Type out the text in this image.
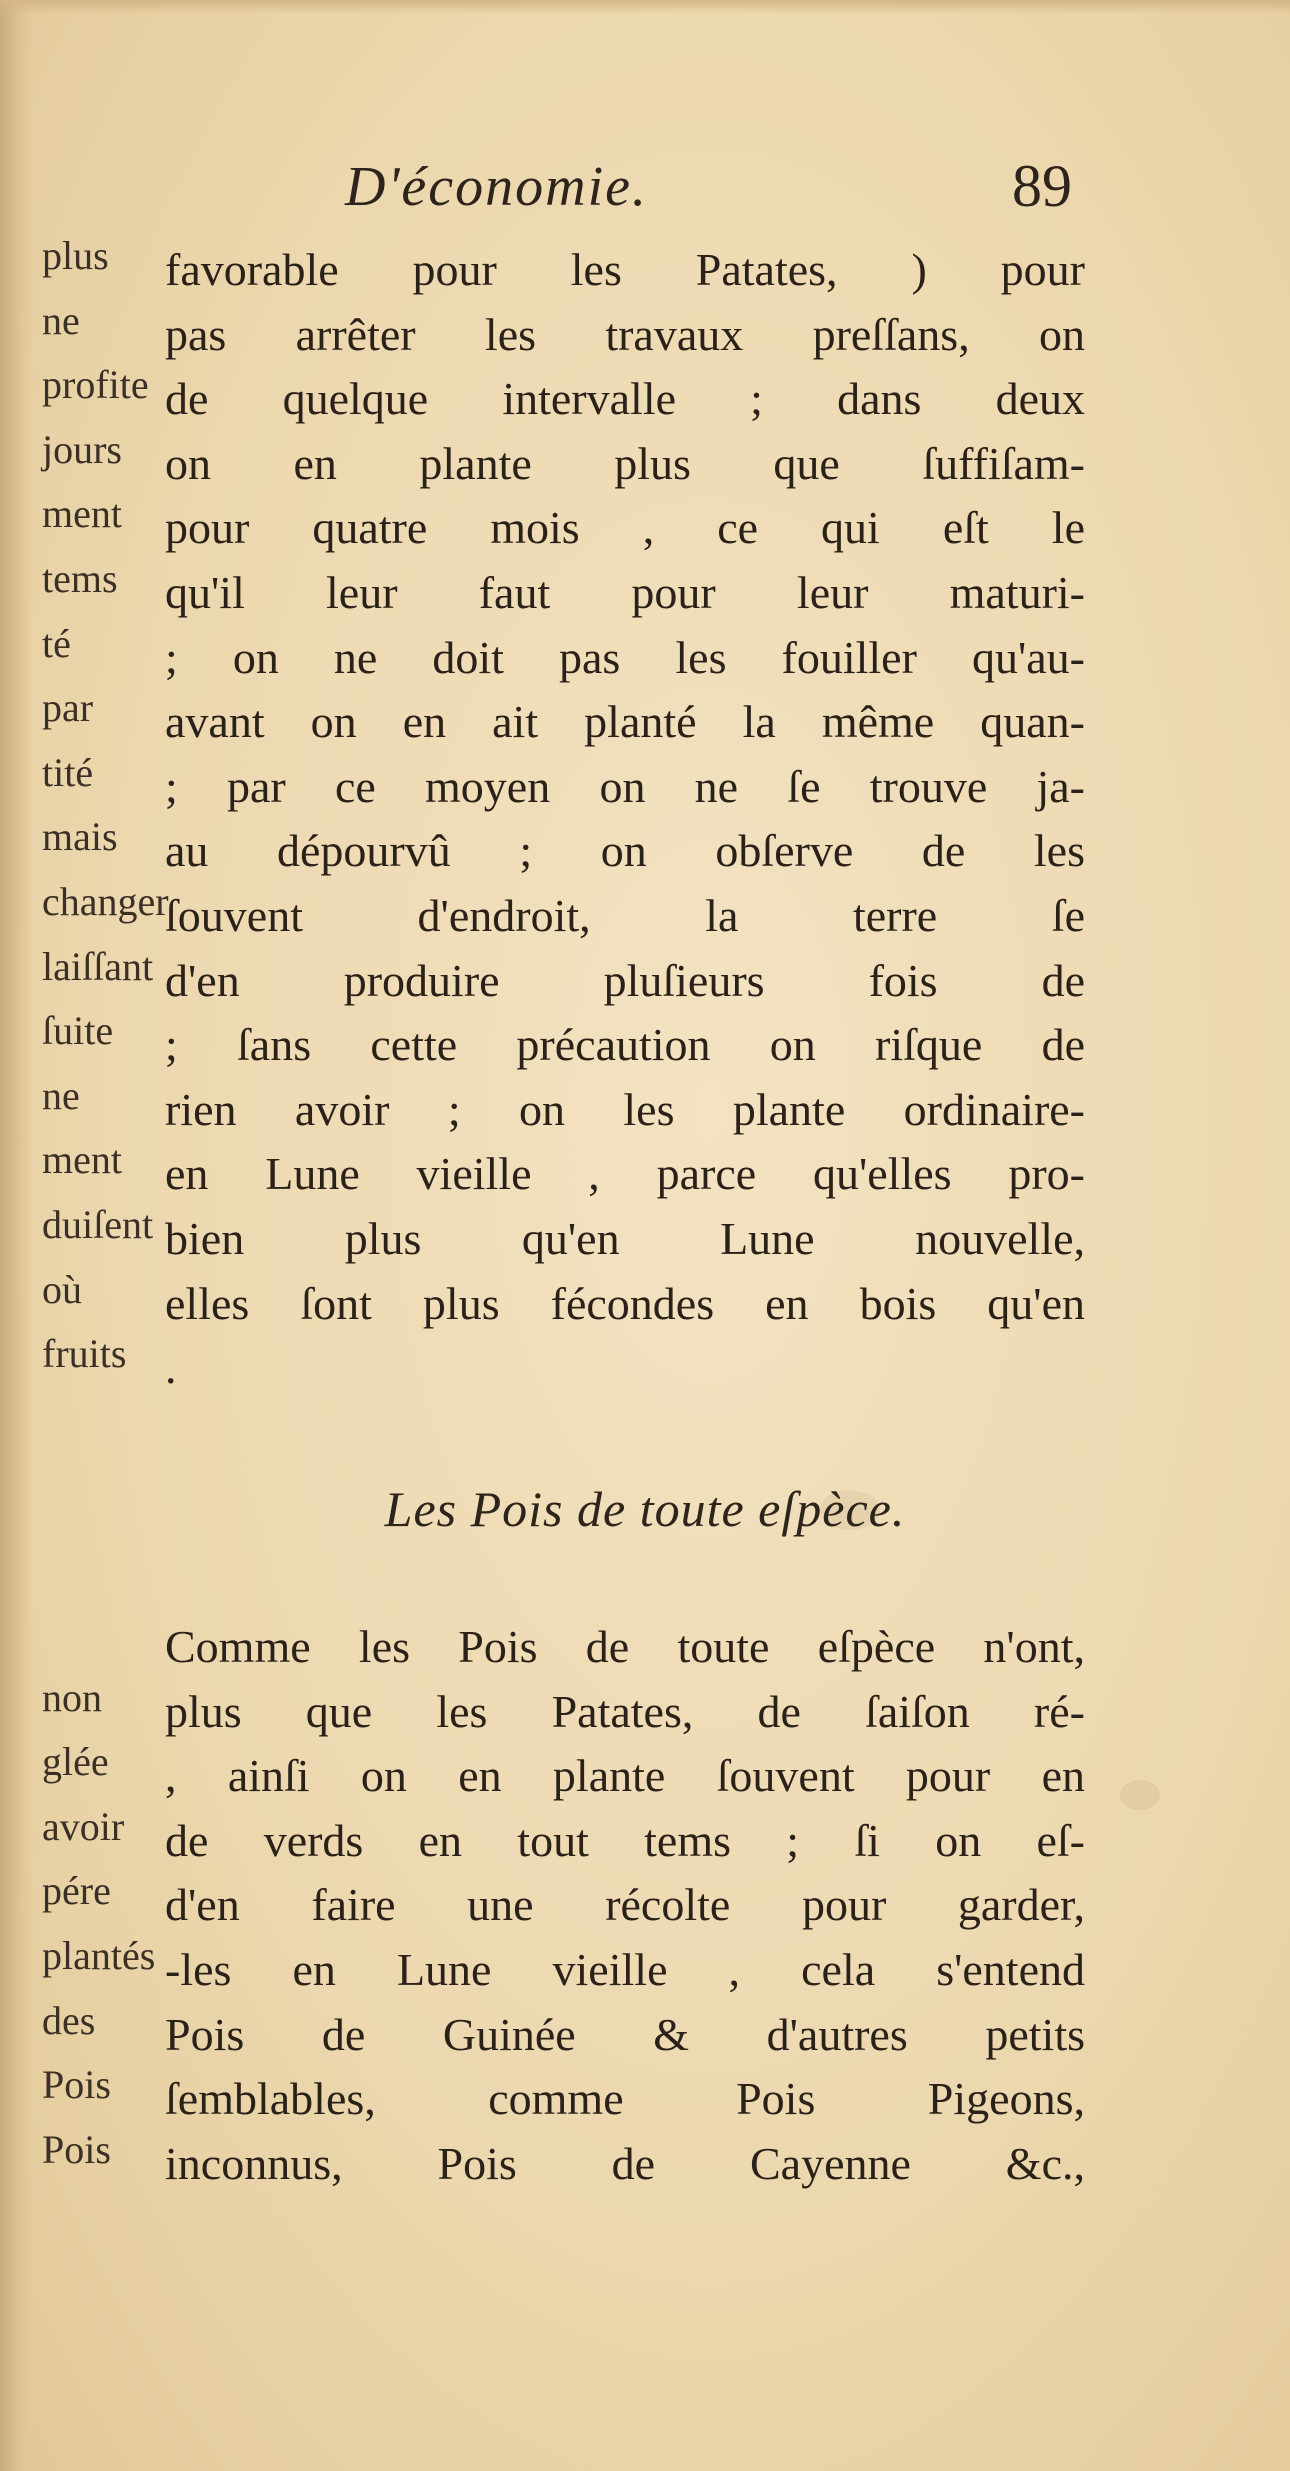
D'économie.	89
plus
ne
profite
jours
ment
tems
té
par
tité
mais
changer
laiſſant
ſuite
ne
ment
duiſent
où
fruits
favorable pour les Patates, ) pour
pas arrêter les travaux preſſans, on
de quelque intervalle ; dans deux
on en plante plus que ſuffiſam-
pour quatre mois , ce qui eſt le
qu'il leur faut pour leur maturi-
; on ne doit pas les fouiller qu'au-
avant on en ait planté la même quan-
; par ce moyen on ne ſe trouve ja-
au dépourvû ; on obſerve de les
ſouvent d'endroit, la terre ſe
d'en produire pluſieurs fois de
; ſans cette précaution on riſque de
rien avoir ; on les plante ordinaire-
en Lune vieille , parce qu'elles pro-
bien plus qu'en Lune nouvelle,
elles ſont plus fécondes en bois qu'en
.
Les Pois de toute eſpèce.
non
glée
avoir
pére
plantés
des
Pois
Pois
Comme les Pois de toute eſpèce n'ont,
plus que les Patates, de ſaiſon ré-
, ainſi on en plante ſouvent pour en
de verds en tout tems ; ſi on eſ-
d'en faire une récolte pour garder,
-les en Lune vieille , cela s'entend
Pois de Guinée & d'autres petits
ſemblables, comme Pois Pigeons,
inconnus, Pois de Cayenne &c.,
